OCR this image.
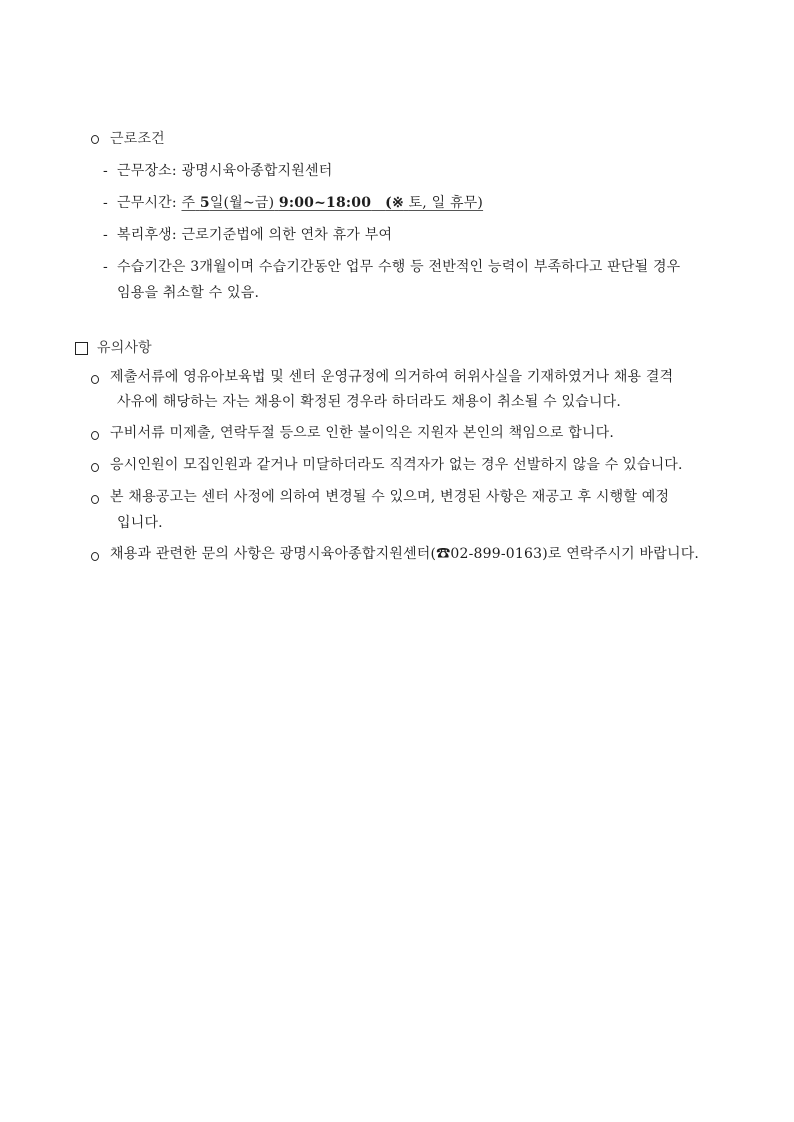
근로조건
- 근무장소: 광명시육아종합지원센터
- 근무시간: 주 5일(월~금) 9:00~18:00 (※ 토, 일 휴무)
- 복리후생: 근로기준법에 의한 연차 휴가 부여
- 수습기간은 3개월이며 수습기간동안 업무 수행 등 전반적인 능력이 부족하다고 판단될 경우
임용을 취소할 수 있음.
유의사항
제출서류에 영유아보육법 및 센터 운영규정에 의거하여 허위사실을 기재하였거나 채용 결격
사유에 해당하는 자는 채용이 확정된 경우라 하더라도 채용이 취소될 수 있습니다.
구비서류 미제출, 연락두절 등으로 인한 불이익은 지원자 본인의 책임으로 합니다.
응시인원이 모집인원과 같거나 미달하더라도 직격자가 없는 경우 선발하지 않을 수 있습니다.
본 채용공고는 센터 사정에 의하여 변경될 수 있으며, 변경된 사항은 재공고 후 시행할 예정
입니다.
채용과 관련한 문의 사항은 광명시육아종합지원센터(☎02-899-0163)로 연락주시기 바랍니다.
